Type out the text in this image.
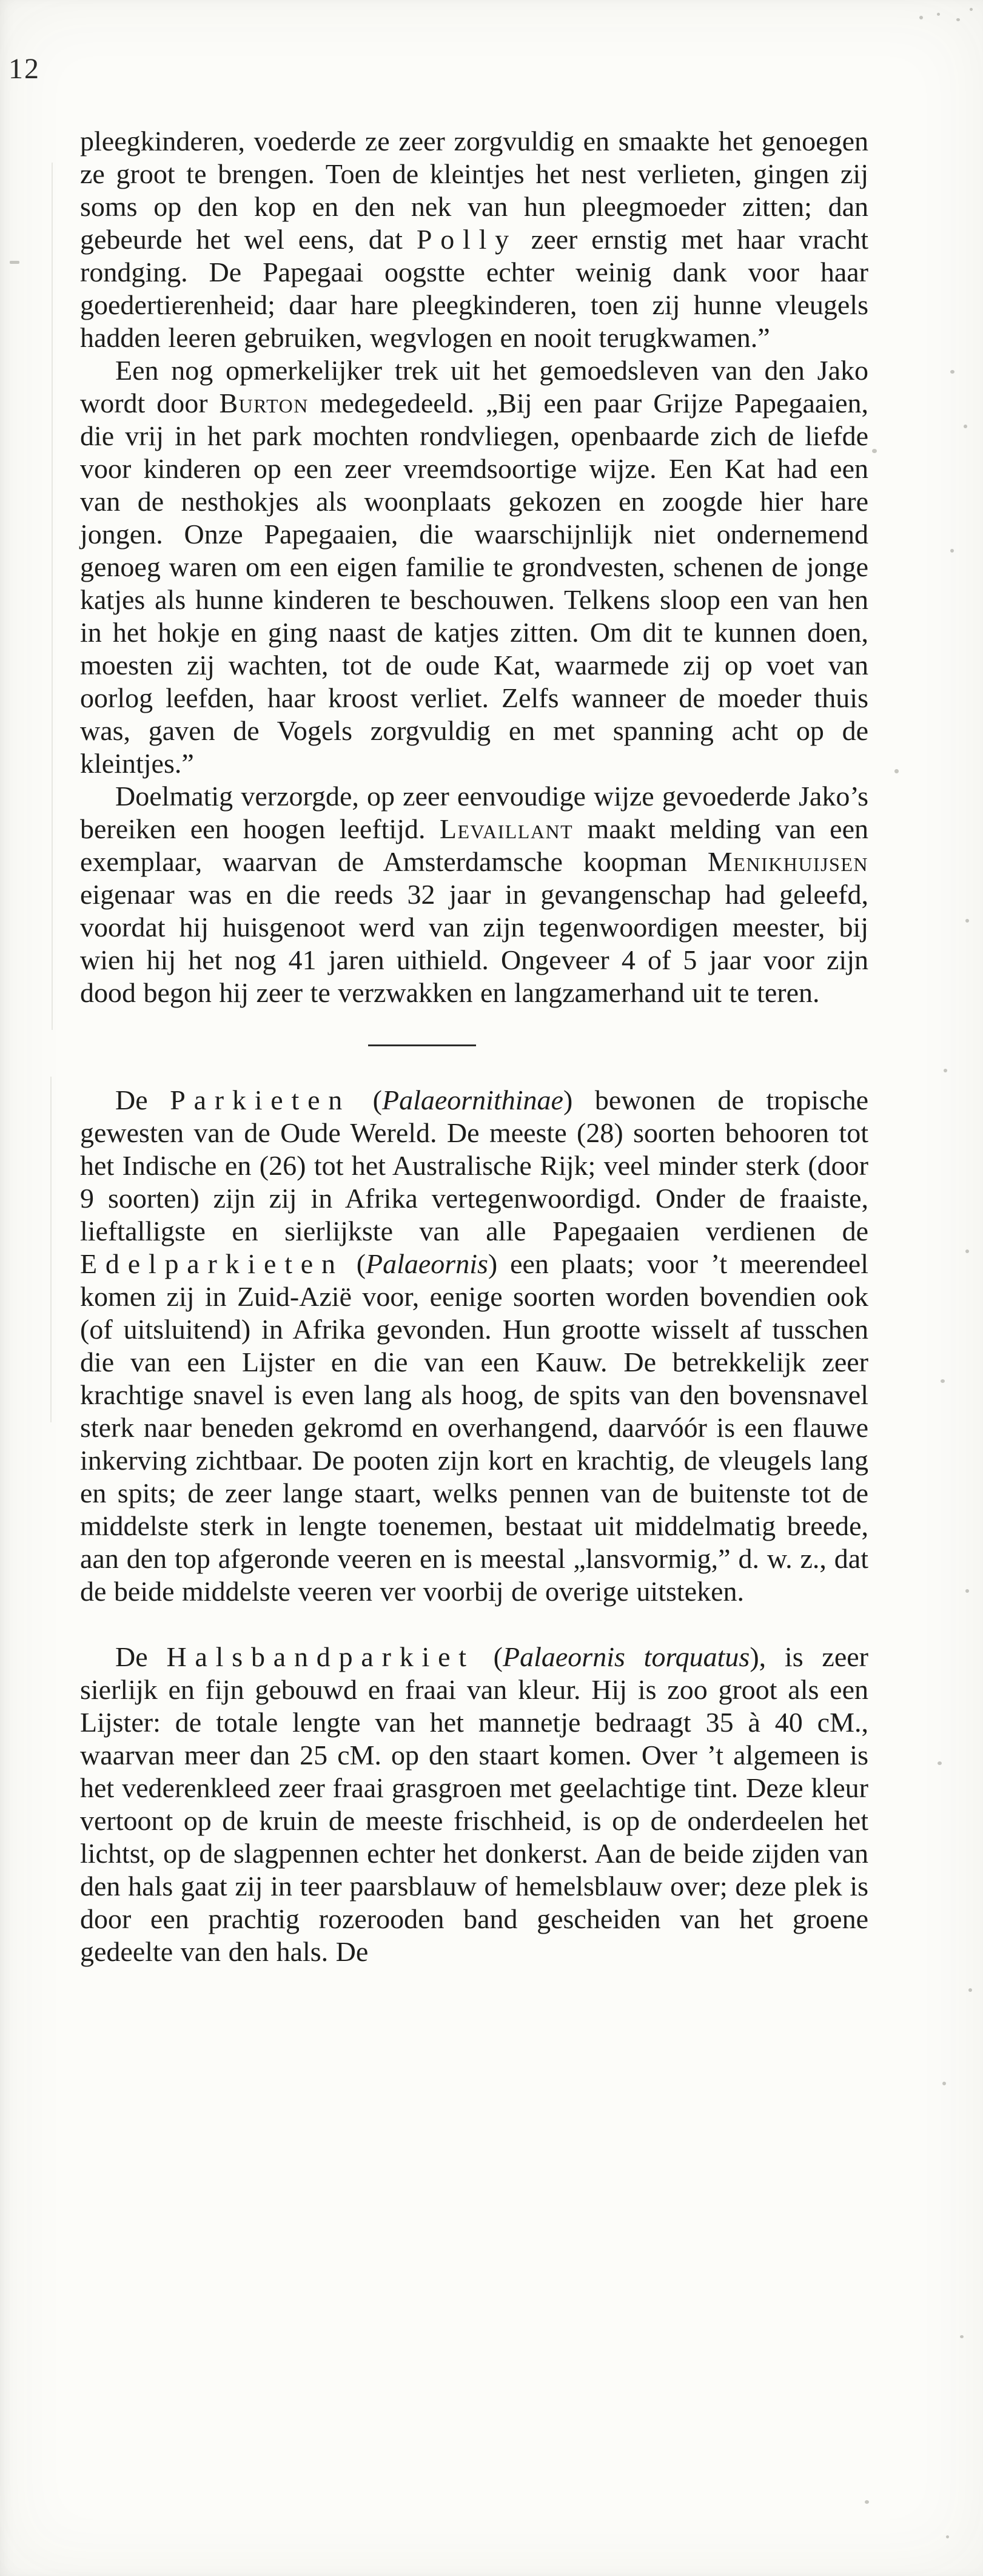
12

pleegkinderen, voederde ze zeer zorgvuldig en smaakte het genoegen ze groot te brengen. Toen de kleintjes het nest verlieten, gingen zij soms op den kop en den nek van hun pleegmoeder zitten; dan gebeurde het wel eens, dat Polly zeer ernstig met haar vracht rondging. De Papegaai oogstte echter weinig dank voor haar goedertierenheid; daar hare pleegkinderen, toen zij hunne vleugels hadden leeren gebruiken, wegvlogen en nooit terugkwamen.”

Een nog opmerkelijker trek uit het gemoedsleven van den Jako wordt door Burton medegedeeld. „Bij een paar Grijze Papegaaien, die vrij in het park mochten rondvliegen, openbaarde zich de liefde voor kinderen op een zeer vreemdsoortige wijze. Een Kat had een van de nesthokjes als woonplaats gekozen en zoogde hier hare jongen. Onze Papegaaien, die waarschijnlijk niet ondernemend genoeg waren om een eigen familie te grondvesten, schenen de jonge katjes als hunne kinderen te beschouwen. Telkens sloop een van hen in het hokje en ging naast de katjes zitten. Om dit te kunnen doen, moesten zij wachten, tot de oude Kat, waarmede zij op voet van oorlog leefden, haar kroost verliet. Zelfs wanneer de moeder thuis was, gaven de Vogels zorgvuldig en met spanning acht op de kleintjes.”

Doelmatig verzorgde, op zeer eenvoudige wijze gevoederde Jako’s bereiken een hoogen leeftijd. Levaillant maakt melding van een exemplaar, waarvan de Amsterdamsche koopman Menikhuijsen eigenaar was en die reeds 32 jaar in gevangenschap had geleefd, voordat hij huisgenoot werd van zijn tegenwoordigen meester, bij wien hij het nog 41 jaren uithield. Ongeveer 4 of 5 jaar voor zijn dood begon hij zeer te verzwakken en langzamerhand uit te teren.

De Parkieten (Palaeornithinae) bewonen de tropische gewesten van de Oude Wereld. De meeste (28) soorten behooren tot het Indische en (26) tot het Australische Rijk; veel minder sterk (door 9 soorten) zijn zij in Afrika vertegenwoordigd. Onder de fraaiste, lieftalligste en sierlijkste van alle Papegaaien verdienen de Edelparkieten (Palaeornis) een plaats; voor ’t meerendeel komen zij in Zuid-Azië voor, eenige soorten worden bovendien ook (of uitsluitend) in Afrika gevonden. Hun grootte wisselt af tusschen die van een Lijster en die van een Kauw. De betrekkelijk zeer krachtige snavel is even lang als hoog, de spits van den bovensnavel sterk naar beneden gekromd en overhangend, daarvóór is een flauwe inkerving zichtbaar. De pooten zijn kort en krachtig, de vleugels lang en spits; de zeer lange staart, welks pennen van de buitenste tot de middelste sterk in lengte toenemen, bestaat uit middelmatig breede, aan den top afgeronde veeren en is meestal „lansvormig,” d. w. z., dat de beide middelste veeren ver voorbij de overige uitsteken.

De Halsbandparkiet (Palaeornis torquatus), is zeer sierlijk en fijn gebouwd en fraai van kleur. Hij is zoo groot als een Lijster: de totale lengte van het mannetje bedraagt 35 à 40 cM., waarvan meer dan 25 cM. op den staart komen. Over ’t algemeen is het vederenkleed zeer fraai grasgroen met geelachtige tint. Deze kleur vertoont op de kruin de meeste frischheid, is op de onderdeelen het lichtst, op de slagpennen echter het donkerst. Aan de beide zijden van den hals gaat zij in teer paarsblauw of hemelsblauw over; deze plek is door een prachtig rozerooden band gescheiden van het groene gedeelte van den hals. De
